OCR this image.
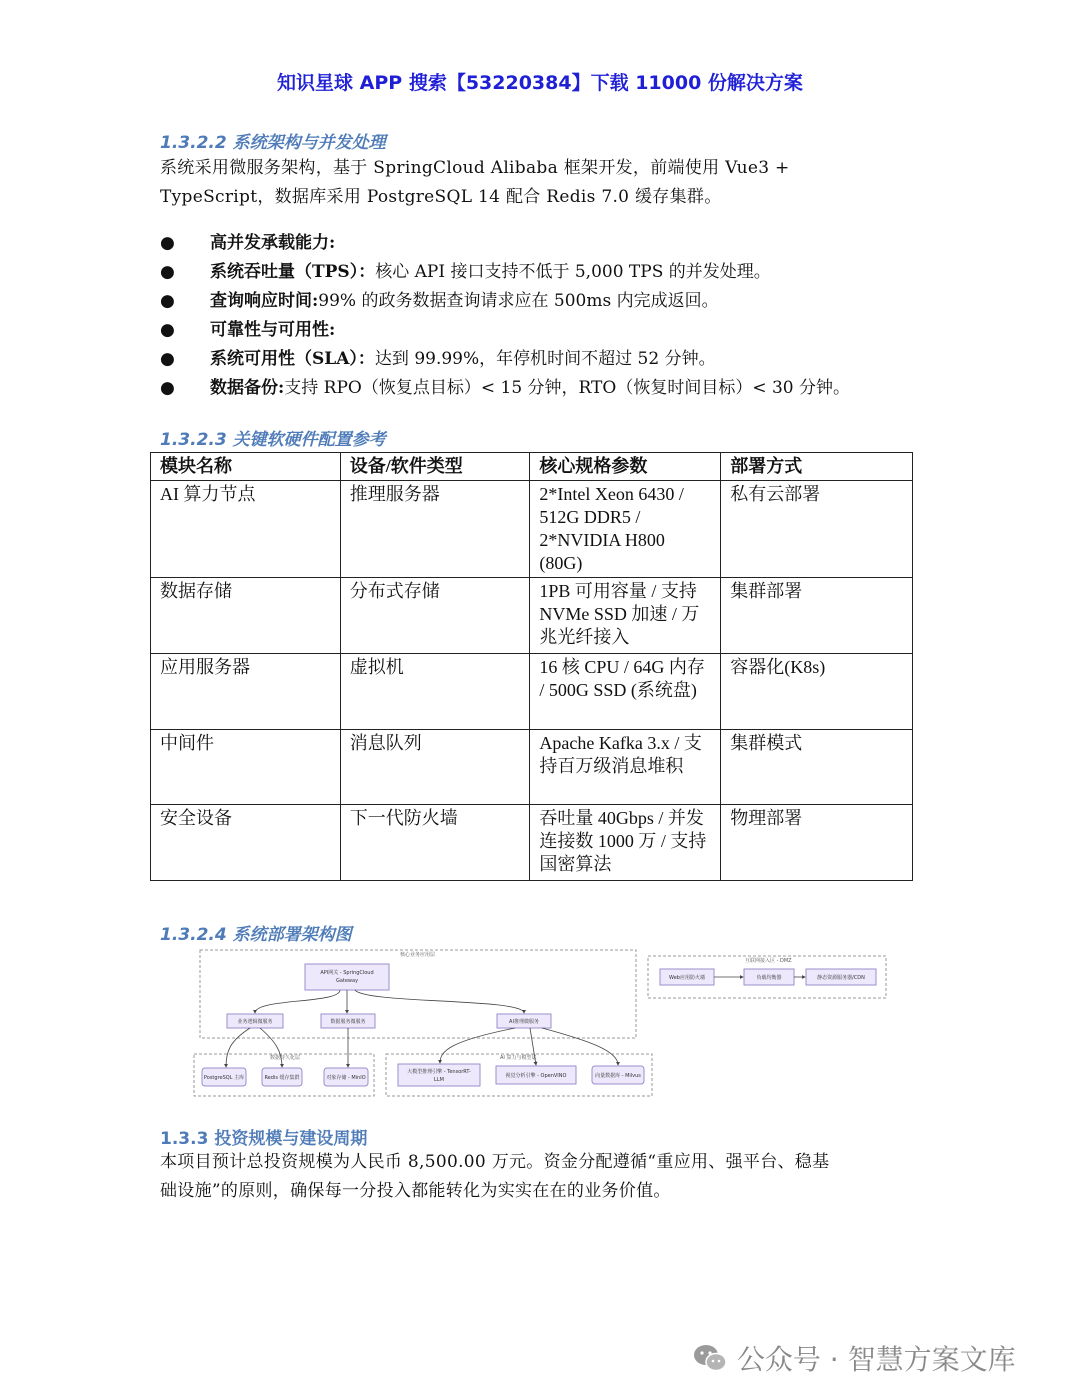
知识星球 APP 搜索【53220384】下载 11000 份解决方案
1.3.2.2 系统架构与并发处理
系统采用微服务架构，基于 SpringCloud Alibaba 框架开发，前端使用 Vue3 +
TypeScript，数据库采用 PostgreSQL 14 配合 Redis 7.0 缓存集群。
● 高并发承载能力:
● 系统吞吐量（TPS）：核心 API 接口支持不低于 5,000 TPS 的并发处理。
● 查询响应时间:99% 的政务数据查询请求应在 500ms 内完成返回。
● 可靠性与可用性:
● 系统可用性（SLA）：达到 99.99%，年停机时间不超过 52 分钟。
● 数据备份:支持 RPO（恢复点目标）< 15 分钟，RTO（恢复时间目标）< 30 分钟。
1.3.2.3 关键软硬件配置参考
模块名称	设备/软件类型	核心规格参数	部署方式
AI 算力节点	推理服务器	2*Intel Xeon 6430 / 512G DDR5 / 2*NVIDIA H800 (80G)	私有云部署
数据存储	分布式存储	1PB 可用容量 / 支持 NVMe SSD 加速 / 万兆光纤接入	集群部署
应用服务器	虚拟机	16 核 CPU / 64G 内存 / 500G SSD (系统盘)	容器化(K8s)
中间件	消息队列	Apache Kafka 3.x / 支持百万级消息堆积	集群模式
安全设备	下一代防火墙	吞吐量 40Gbps / 并发连接数 1000 万 / 支持国密算法	物理部署
1.3.2.4 系统部署架构图
核心业务应用层
API网关 - SpringCloud
Gateway
业务逻辑微服务	数据服务微服务	AI推理微服务
数据持久化层
PostgreSQL 主库	Redis 缓存集群	对象存储 - MinIO
AI 算力与模型层
大模型推理引擎 - TensorRT-
LLM
视觉分析引擎 - OpenVINO	向量数据库 - Milvus
互联网接入区 - DMZ
Web应用防火墙	负载均衡器	静态资源服务器/CDN
1.3.3 投资规模与建设周期
本项目预计总投资规模为人民币 8,500.00 万元。资金分配遵循“重应用、强平台、稳基
础设施”的原则，确保每一分投入都能转化为实实在在的业务价值。
公众号 · 智慧方案文库
